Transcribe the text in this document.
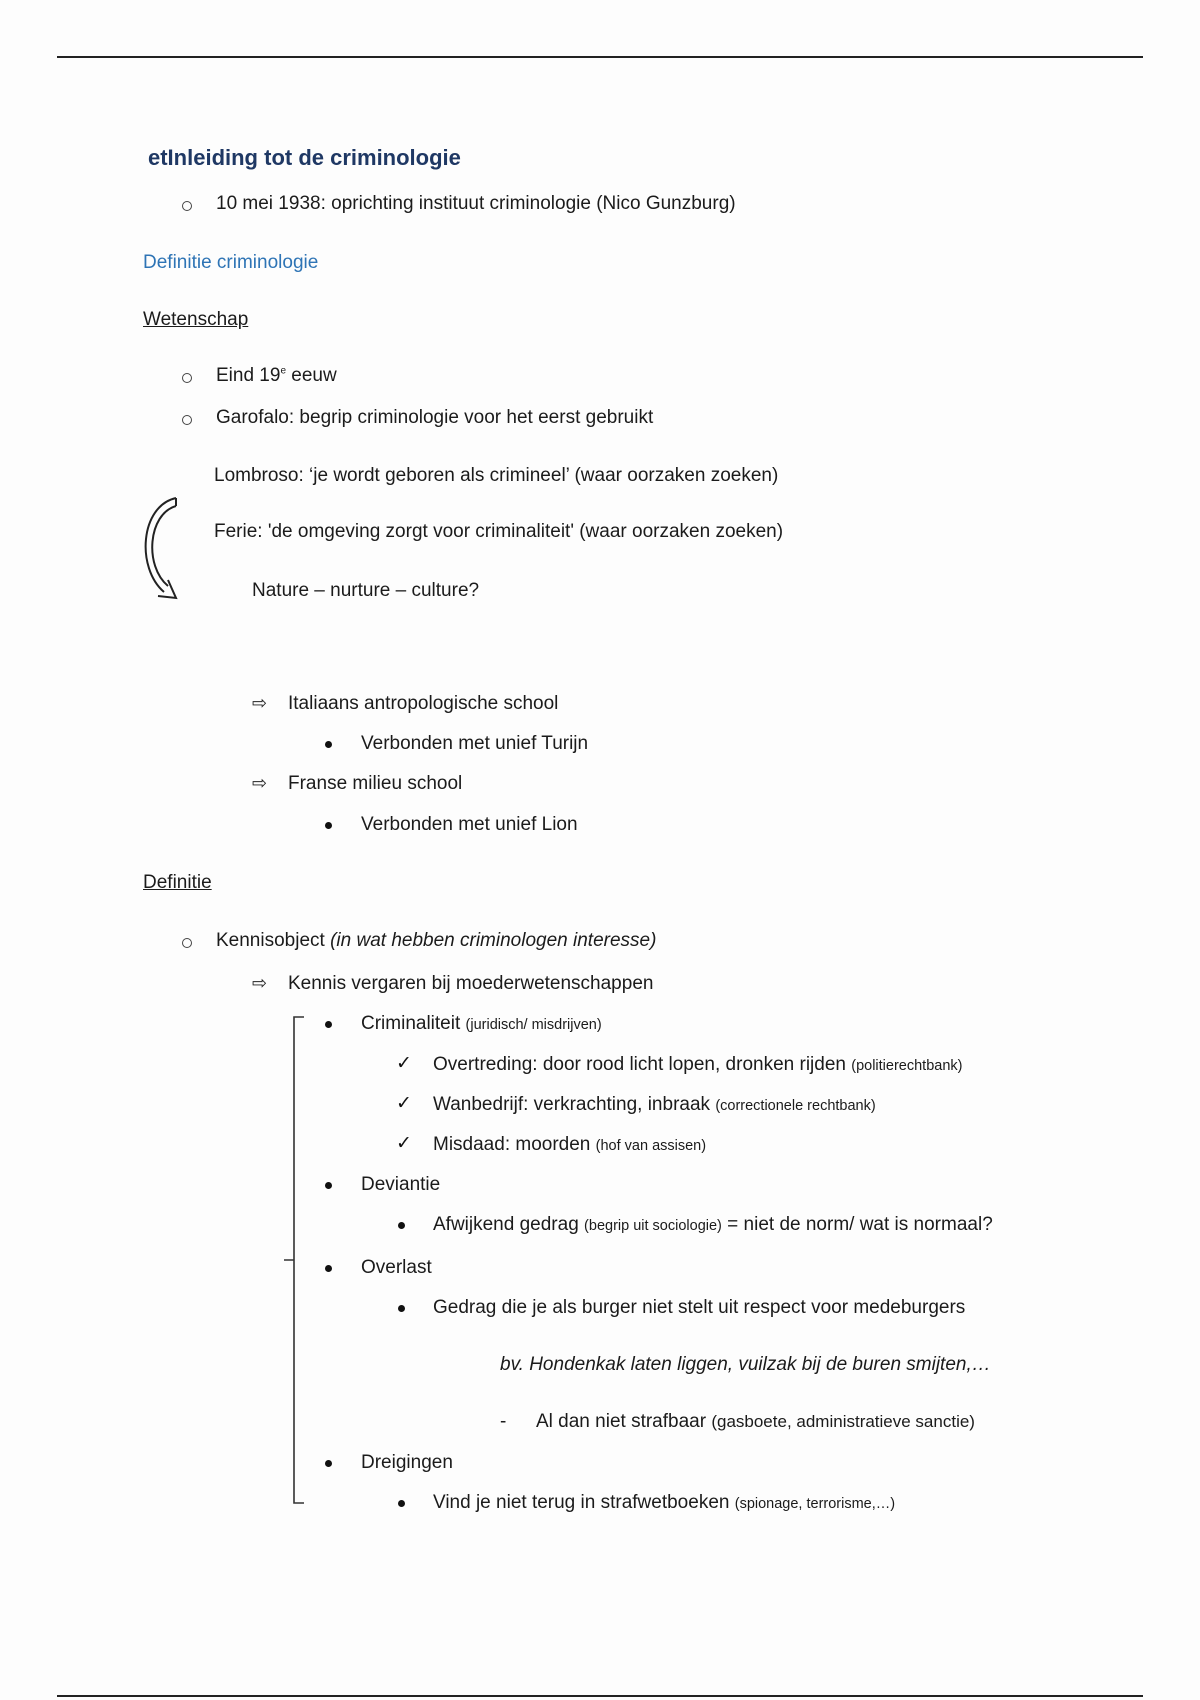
etInleiding tot de criminologie
10 mei 1938: oprichting instituut criminologie (Nico Gunzburg)
Definitie criminologie
Wetenschap
Eind 19e eeuw
Garofalo: begrip criminologie voor het eerst gebruikt
Lombroso: ‘je wordt geboren als crimineel’ (waar oorzaken zoeken)
Ferie: 'de omgeving zorgt voor criminaliteit' (waar oorzaken zoeken)
Nature – nurture – culture?
⇨ Italiaans antropologische school
Verbonden met unief Turijn
⇨ Franse milieu school
Verbonden met unief Lion
Definitie
Kennisobject (in wat hebben criminologen interesse)
⇨ Kennis vergaren bij moederwetenschappen
Criminaliteit (juridisch/ misdrijven)
✓ Overtreding: door rood licht lopen, dronken rijden (politierechtbank)
✓ Wanbedrijf: verkrachting, inbraak (correctionele rechtbank)
✓ Misdaad: moorden (hof van assisen)
Deviantie
Afwijkend gedrag (begrip uit sociologie) = niet de norm/ wat is normaal?
Overlast
Gedrag die je als burger niet stelt uit respect voor medeburgers
bv. Hondenkak laten liggen, vuilzak bij de buren smijten,…
- Al dan niet strafbaar (gasboete, administratieve sanctie)
Dreigingen
Vind je niet terug in strafwetboeken (spionage, terrorisme,…)
